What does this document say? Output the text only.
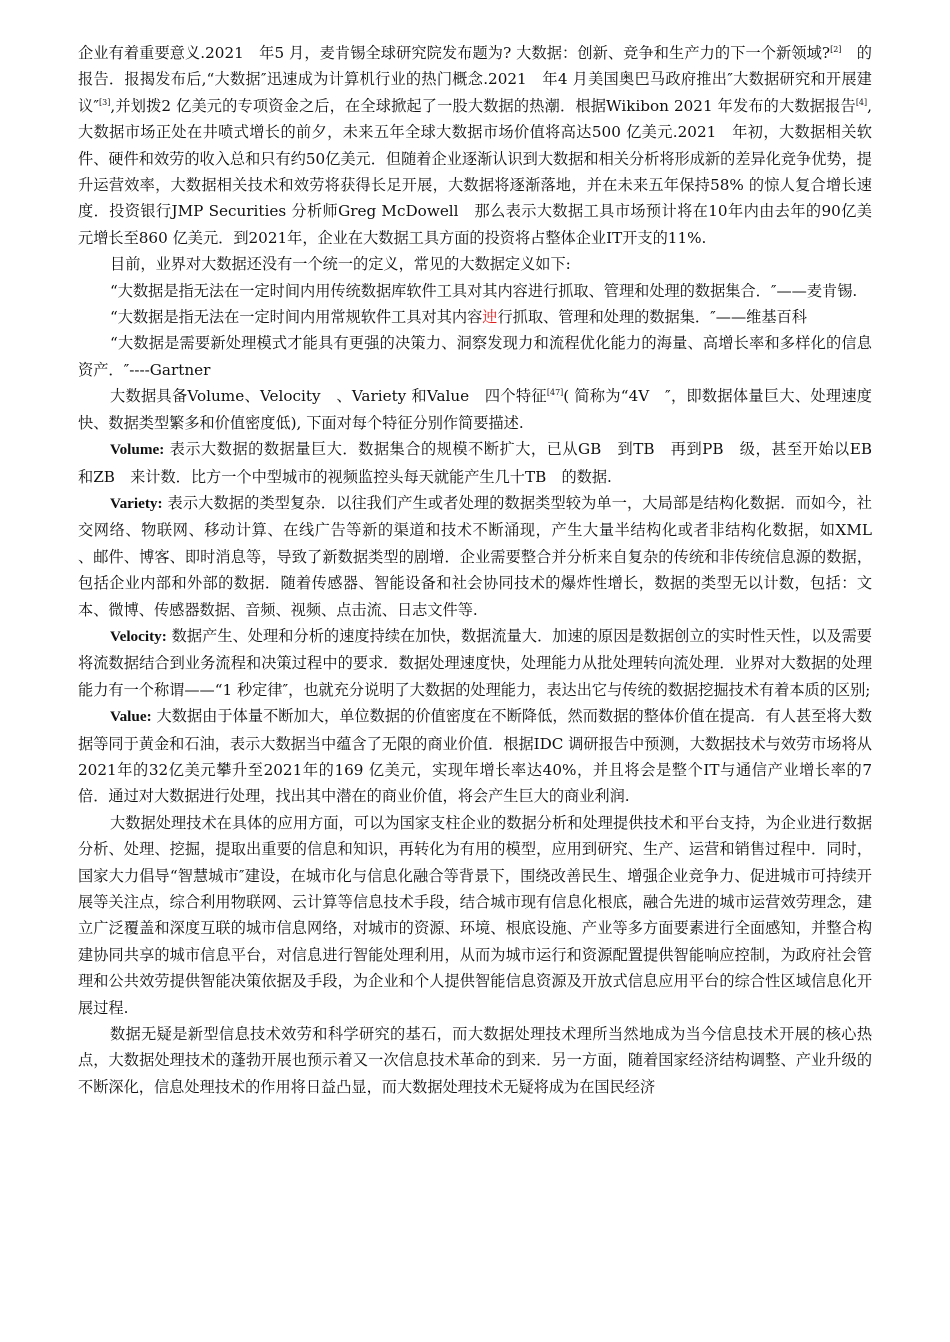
企业有着重要意义.2021　年5 月，麦肯锡全球研究院发布题为? 大数据：创新、竞争和生产力的下一个新领域?[2]　的报告．报揭发布后,“大数据″迅速成为计算机行业的热门概念.2021　年4 月美国奥巴马政府推出″大数据研究和开展建议″[3],并划拨2 亿美元的专项资金之后，在全球掀起了一股大数据的热潮．根据Wikibon 2021 年发布的大数据报告[4],大数据市场正处在井喷式增长的前夕，未来五年全球大数据市场价值将高达500 亿美元.2021　年初，大数据相关软件、硬件和效劳的收入总和只有约50亿美元．但随着企业逐渐认识到大数据和相关分析将形成新的差异化竞争优势，提升运营效率，大数据相关技术和效劳将获得长足开展，大数据将逐渐落地，并在未来五年保持58% 的惊人复合增长速度．投资银行JMP Securities 分析师Greg McDowell　那么表示大数据工具市场预计将在10年内由去年的90亿美元增长至860 亿美元．到2021年，企业在大数据工具方面的投资将占整体企业IT开支的11%.

目前，业界对大数据还没有一个统一的定义，常见的大数据定义如下:

“大数据是指无法在一定时间内用传统数据库软件工具对其内容进行抓取、管理和处理的数据集合．″——麦肯锡.

“大数据是指无法在一定时间内用常规软件工具对其内容迚行抓取、管理和处理的数据集．″——维基百科

“大数据是需要新处理模式才能具有更强的决策力、洞察发现力和流程优化能力的海量、高增长率和多样化的信息资产．″----Gartner

大数据具备Volume、Velocity　、Variety 和Value　四个特征[47]( 简称为“4V　″，即数据体量巨大、处理速度快、数据类型繁多和价值密度低), 下面对每个特征分别作简要描述.

Volume: 表示大数据的数据量巨大．数据集合的规模不断扩大，已从GB　到TB　再到PB　级，甚至开始以EB　和ZB　来计数．比方一个中型城市的视频监控头每天就能产生几十TB　的数据.

Variety: 表示大数据的类型复杂．以往我们产生或者处理的数据类型较为单一，大局部是结构化数据．而如今，社交网络、物联网、移动计算、在线广告等新的渠道和技术不断涌现，产生大量半结构化或者非结构化数据，如XML　、邮件、博客、即时消息等，导致了新数据类型的剧增．企业需要整合并分析来自复杂的传统和非传统信息源的数据，包括企业内部和外部的数据．随着传感器、智能设备和社会协同技术的爆炸性增长，数据的类型无以计数，包括：文本、微博、传感器数据、音频、视频、点击流、日志文件等.

Velocity: 数据产生、处理和分析的速度持续在加快，数据流量大．加速的原因是数据创立的实时性天性，以及需要将流数据结合到业务流程和决策过程中的要求．数据处理速度快，处理能力从批处理转向流处理．业界对大数据的处理能力有一个称谓——“1 秒定律″，也就充分说明了大数据的处理能力，表达出它与传统的数据挖掘技术有着本质的区别;

Value: 大数据由于体量不断加大，单位数据的价值密度在不断降低，然而数据的整体价值在提高．有人甚至将大数据等同于黄金和石油，表示大数据当中蕴含了无限的商业价值．根据IDC 调研报告中预测，大数据技术与效劳市场将从2021年的32亿美元攀升至2021年的169 亿美元，实现年增长率达40%，并且将会是整个IT与通信产业增长率的7 倍．通过对大数据进行处理，找出其中潜在的商业价值，将会产生巨大的商业利润.

大数据处理技术在具体的应用方面，可以为国家支柱企业的数据分析和处理提供技术和平台支持，为企业进行数据分析、处理、挖掘，提取出重要的信息和知识，再转化为有用的模型，应用到研究、生产、运营和销售过程中．同时，国家大力倡导“智慧城市″建设，在城市化与信息化融合等背景下，围绕改善民生、增强企业竞争力、促进城市可持续开展等关注点，综合利用物联网、云计算等信息技术手段，结合城市现有信息化根底，融合先进的城市运营效劳理念，建立广泛覆盖和深度互联的城市信息网络，对城市的资源、环境、根底设施、产业等多方面要素进行全面感知，并整合构建协同共享的城市信息平台，对信息进行智能处理利用，从而为城市运行和资源配置提供智能响应控制，为政府社会管理和公共效劳提供智能决策依据及手段，为企业和个人提供智能信息资源及开放式信息应用平台的综合性区域信息化开展过程.

数据无疑是新型信息技术效劳和科学研究的基石，而大数据处理技术理所当然地成为当今信息技术开展的核心热点，大数据处理技术的蓬勃开展也预示着又一次信息技术革命的到来．另一方面，随着国家经济结构调整、产业升级的不断深化，信息处理技术的作用将日益凸显，而大数据处理技术无疑将成为在国民经济
